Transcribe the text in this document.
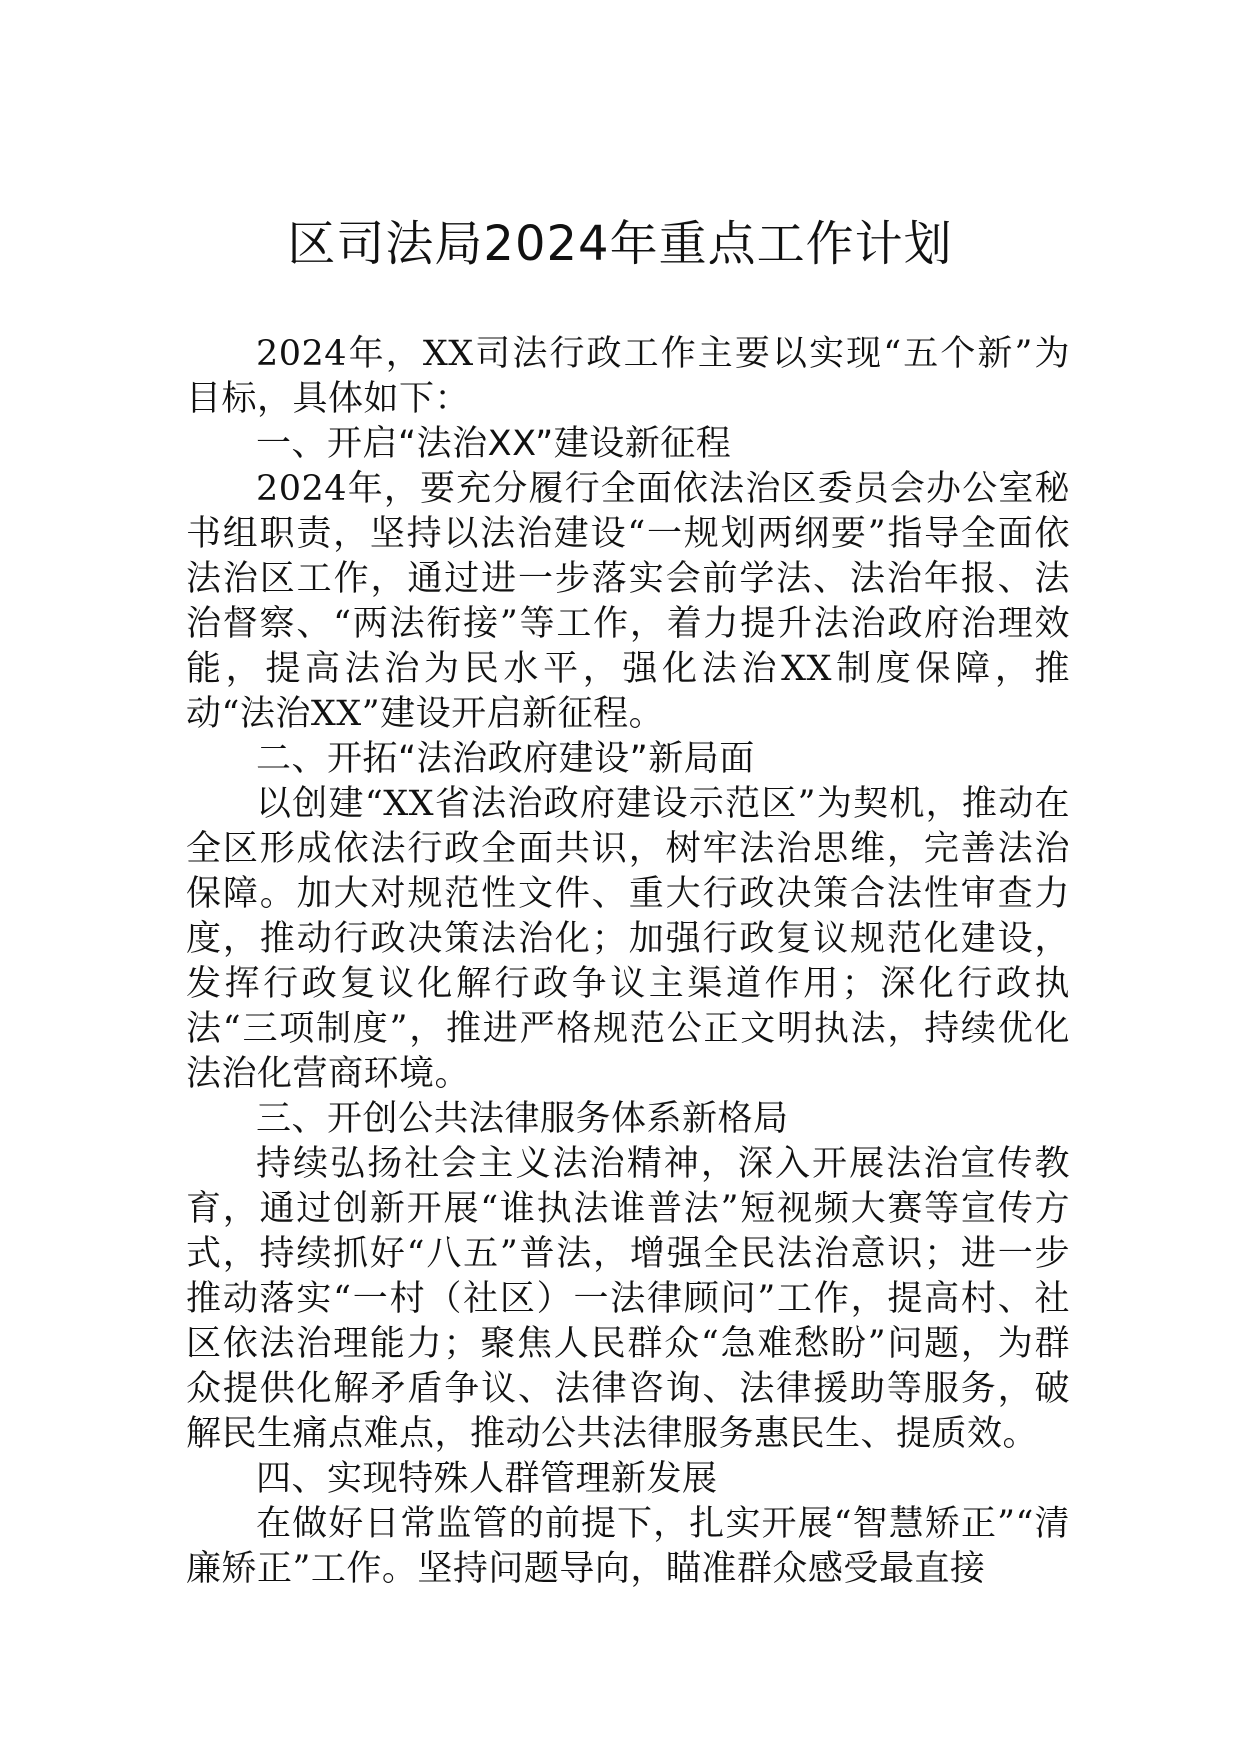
区司法局2024年重点工作计划

2024年，XX司法行政工作主要以实现“五个新”为目标，具体如下：

一、开启“法治XX”建设新征程

2024年，要充分履行全面依法治区委员会办公室秘书组职责，坚持以法治建设“一规划两纲要”指导全面依法治区工作，通过进一步落实会前学法、法治年报、法治督察、“两法衔接”等工作，着力提升法治政府治理效能，提高法治为民水平，强化法治XX制度保障，推动“法治XX”建设开启新征程。

二、开拓“法治政府建设”新局面

以创建“XX省法治政府建设示范区”为契机，推动在全区形成依法行政全面共识，树牢法治思维，完善法治保障。加大对规范性文件、重大行政决策合法性审查力度，推动行政决策法治化；加强行政复议规范化建设，发挥行政复议化解行政争议主渠道作用；深化行政执法“三项制度”，推进严格规范公正文明执法，持续优化法治化营商环境。

三、开创公共法律服务体系新格局

持续弘扬社会主义法治精神，深入开展法治宣传教育，通过创新开展“谁执法谁普法”短视频大赛等宣传方式，持续抓好“八五”普法，增强全民法治意识；进一步推动落实“一村（社区）一法律顾问”工作，提高村、社区依法治理能力；聚焦人民群众“急难愁盼”问题，为群众提供化解矛盾争议、法律咨询、法律援助等服务，破解民生痛点难点，推动公共法律服务惠民生、提质效。

四、实现特殊人群管理新发展

在做好日常监管的前提下，扎实开展“智慧矫正”“清廉矫正”工作。坚持问题导向，瞄准群众感受最直接
